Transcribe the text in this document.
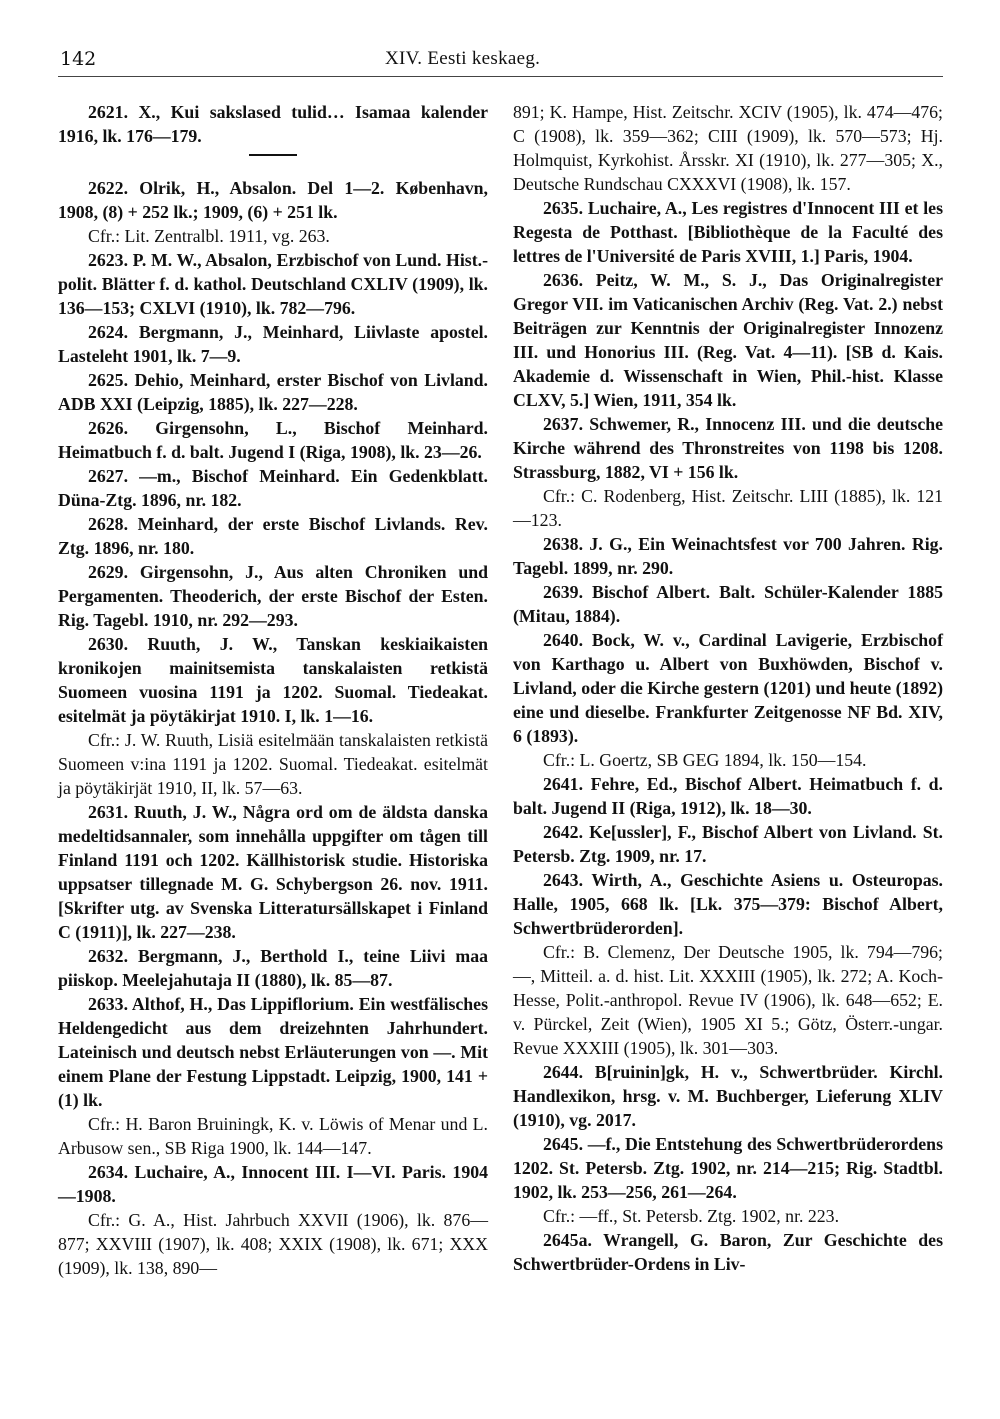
142	XIV. Eesti keskaeg.

2621. X., Kui sakslased tulid… Isamaa kalender 1916, lk. 176—179.

2622. Olrik, H., Absalon. Del 1—2. København, 1908, (8) + 252 lk.; 1909, (6) + 251 lk.

Cfr.: Lit. Zentralbl. 1911, vg. 263.

2623. P. M. W., Absalon, Erzbischof von Lund. Hist.-polit. Blätter f. d. kathol. Deutschland CXLIV (1909), lk. 136—153; CXLVI (1910), lk. 782—796.

2624. Bergmann, J., Meinhard, Liivlaste apostel. Lasteleht 1901, lk. 7—9.

2625. Dehio, Meinhard, erster Bischof von Livland. ADB XXI (Leipzig, 1885), lk. 227—228.

2626. Girgensohn, L., Bischof Meinhard. Heimatbuch f. d. balt. Jugend I (Riga, 1908), lk. 23—26.

2627. —m., Bischof Meinhard. Ein Gedenkblatt. Düna-Ztg. 1896, nr. 182.

2628. Meinhard, der erste Bischof Livlands. Rev. Ztg. 1896, nr. 180.

2629. Girgensohn, J., Aus alten Chroniken und Pergamenten. Theoderich, der erste Bischof der Esten. Rig. Tagebl. 1910, nr. 292—293.

2630. Ruuth, J. W., Tanskan keskiaikaisten kronikojen mainitsemista tanskalaisten retkistä Suomeen vuosina 1191 ja 1202. Suomal. Tiedeakat. esitelmät ja pöytäkirjat 1910. I, lk. 1—16.

Cfr.: J. W. Ruuth, Lisiä esitelmään tanskalaisten retkistä Suomeen v:ina 1191 ja 1202. Suomal. Tiedeakat. esitelmät ja pöytäkirjät 1910, II, lk. 57—63.

2631. Ruuth, J. W., Några ord om de äldsta danska medeltidsannaler, som innehålla uppgifter om tågen till Finland 1191 och 1202. Källhistorisk studie. Historiska uppsatser tillegnade M. G. Schybergson 26. nov. 1911. [Skrifter utg. av Svenska Litteratursällskapet i Finland C (1911)], lk. 227—238.

2632. Bergmann, J., Berthold I., teine Liivi maa piiskop. Meelejahutaja II (1880), lk. 85—87.

2633. Althof, H., Das Lippiflorium. Ein westfälisches Heldengedicht aus dem dreizehnten Jahrhundert. Lateinisch und deutsch nebst Erläuterungen von —. Mit einem Plane der Festung Lippstadt. Leipzig, 1900, 141 + (1) lk.

Cfr.: H. Baron Bruiningk, K. v. Löwis of Menar und L. Arbusow sen., SB Riga 1900, lk. 144—147.

2634. Luchaire, A., Innocent III. I—VI. Paris. 1904—1908.

Cfr.: G. A., Hist. Jahrbuch XXVII (1906), lk. 876—877; XXVIII (1907), lk. 408; XXIX (1908), lk. 671; XXX (1909), lk. 138, 890—

891; K. Hampe, Hist. Zeitschr. XCIV (1905), lk. 474—476; C (1908), lk. 359—362; CIII (1909), lk. 570—573; Hj. Holmquist, Kyrkohist. Årsskr. XI (1910), lk. 277—305; X., Deutsche Rundschau CXXXVI (1908), lk. 157.

2635. Luchaire, A., Les registres d'Innocent III et les Regesta de Potthast. [Bibliothèque de la Faculté des lettres de l'Université de Paris XVIII, 1.] Paris, 1904.

2636. Peitz, W. M., S. J., Das Originalregister Gregor VII. im Vaticanischen Archiv (Reg. Vat. 2.) nebst Beiträgen zur Kenntnis der Originalregister Innozenz III. und Honorius III. (Reg. Vat. 4—11). [SB d. Kais. Akademie d. Wissenschaft in Wien, Phil.-hist. Klasse CLXV, 5.] Wien, 1911, 354 lk.

2637. Schwemer, R., Innocenz III. und die deutsche Kirche während des Thronstreites von 1198 bis 1208. Strassburg, 1882, VI + 156 lk.

Cfr.: C. Rodenberg, Hist. Zeitschr. LIII (1885), lk. 121—123.

2638. J. G., Ein Weinachtsfest vor 700 Jahren. Rig. Tagebl. 1899, nr. 290.

2639. Bischof Albert. Balt. Schüler-Kalender 1885 (Mitau, 1884).

2640. Bock, W. v., Cardinal Lavigerie, Erzbischof von Karthago u. Albert von Buxhöwden, Bischof v. Livland, oder die Kirche gestern (1201) und heute (1892) eine und dieselbe. Frankfurter Zeitgenosse NF Bd. XIV, 6 (1893).

Cfr.: L. Goertz, SB GEG 1894, lk. 150—154.

2641. Fehre, Ed., Bischof Albert. Heimatbuch f. d. balt. Jugend II (Riga, 1912), lk. 18—30.

2642. Ke[ussler], F., Bischof Albert von Livland. St. Petersb. Ztg. 1909, nr. 17.

2643. Wirth, A., Geschichte Asiens u. Osteuropas. Halle, 1905, 668 lk. [Lk. 375—379: Bischof Albert, Schwertbrüderorden].

Cfr.: B. Clemenz, Der Deutsche 1905, lk. 794—796; —, Mitteil. a. d. hist. Lit. XXXIII (1905), lk. 272; A. Koch-Hesse, Polit.-anthropol. Revue IV (1906), lk. 648—652; E. v. Pürckel, Zeit (Wien), 1905 XI 5.; Götz, Österr.-ungar. Revue XXXIII (1905), lk. 301—303.

2644. B[ruinin]gk, H. v., Schwertbrüder. Kirchl. Handlexikon, hrsg. v. M. Buchberger, Lieferung XLIV (1910), vg. 2017.

2645. —f., Die Entstehung des Schwertbrüderordens 1202. St. Petersb. Ztg. 1902, nr. 214—215; Rig. Stadtbl. 1902, lk. 253—256, 261—264.

Cfr.: —ff., St. Petersb. Ztg. 1902, nr. 223.

2645a. Wrangell, G. Baron, Zur Geschichte des Schwertbrüder-Ordens in Liv-
